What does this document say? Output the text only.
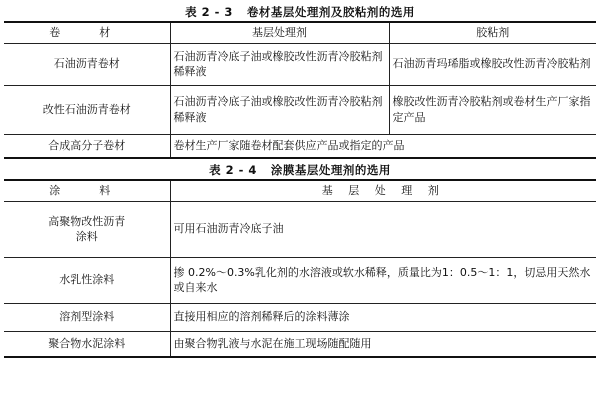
表 2 - 3 卷材基层处理剂及胶粘剂的选用
卷　材	基层处理剂	胶粘剂
石油沥青卷材	石油沥青冷底子油或橡胶改性沥青冷胶粘剂稀释液	石油沥青玛琋脂或橡胶改性沥青冷胶粘剂
改性石油沥青卷材	石油沥青冷底子油或橡胶改性沥青冷胶粘剂稀释液	橡胶改性沥青冷胶粘剂或卷材生产厂家指定产品
合成高分子卷材	卷材生产厂家随卷材配套供应产品或指定的产品	
表 2 - 4 涂膜基层处理剂的选用
涂　料	基 层 处 理 剂

高聚物改性沥青涂料	可用石油沥青冷底子油
水乳性涂料	掺 0.2%～0.3%乳化剂的水溶液或软水稀释，质量比为1：0.5～1：1，切忌用天然水或自来水
溶剂型涂料	直接用相应的溶剂稀释后的涂料薄涂
聚合物水泥涂料	由聚合物乳液与水泥在施工现场随配随用
